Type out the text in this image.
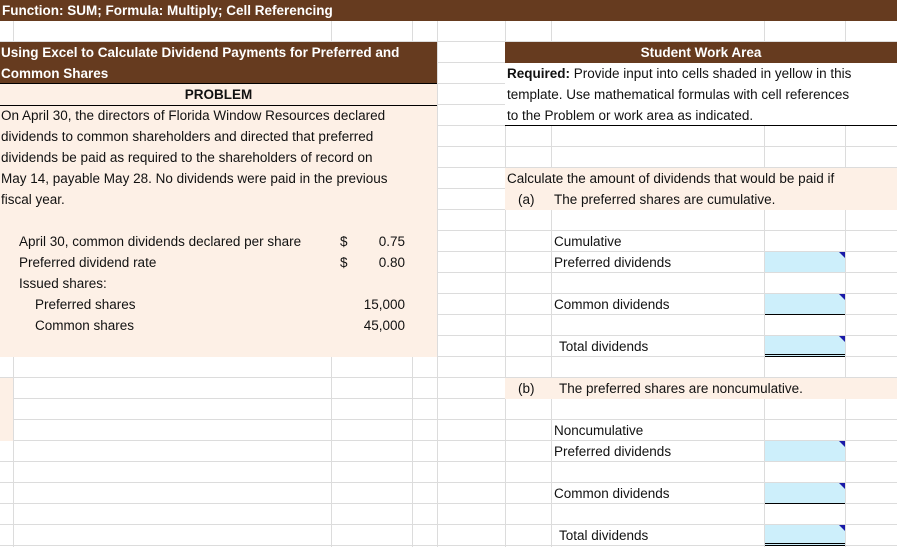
Function: SUM; Formula: Multiply; Cell Referencing
Using Excel to Calculate Dividend Payments for Preferred and
Common Shares
PROBLEM
On April 30, the directors of Florida Window Resources declared
dividends to common shareholders and directed that preferred
dividends be paid as required to the shareholders of record on
May 14, payable May 28. No dividends were paid in the previous
fiscal year.
April 30, common dividends declared per share	$ 0.75
Preferred dividend rate	$ 0.80
Issued shares:
Preferred shares	15,000
Common shares	45,000
Student Work Area
Required: Provide input into cells shaded in yellow in this
template. Use mathematical formulas with cell references
to the Problem or work area as indicated.
Calculate the amount of dividends that would be paid if
(a) The preferred shares are cumulative.
Cumulative
Preferred dividends
Common dividends
Total dividends
(b) The preferred shares are noncumulative.
Noncumulative
Preferred dividends
Common dividends
Total dividends
